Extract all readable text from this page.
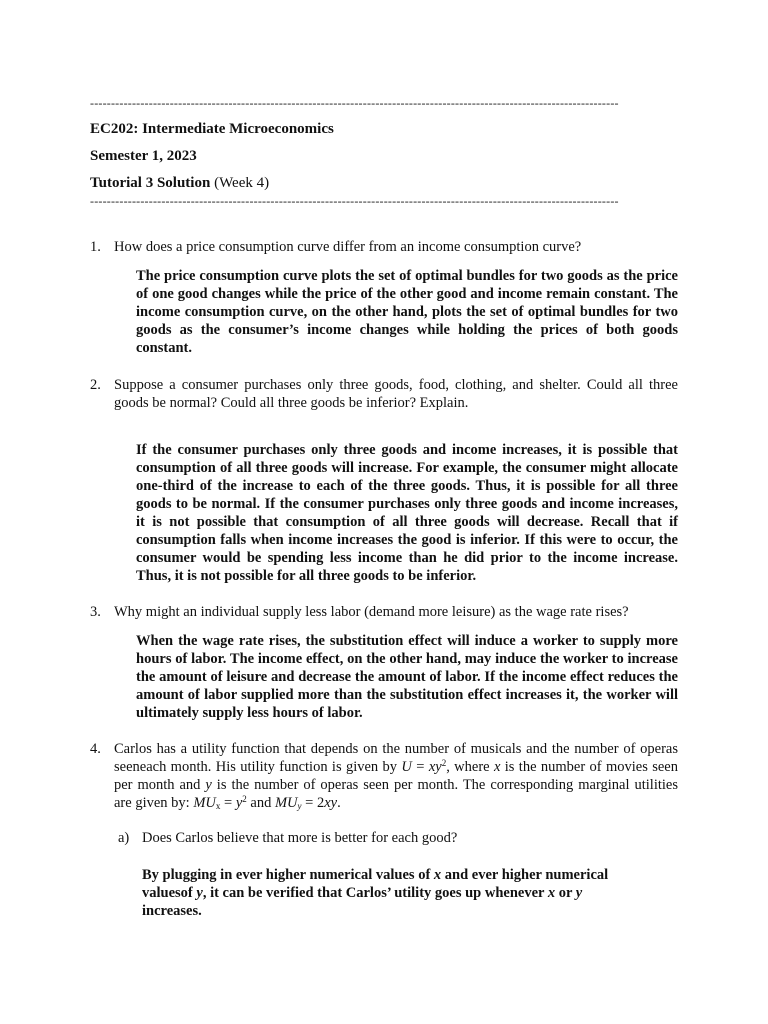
------------------------------------------------------------------------------------------------------------------------------
EC202: Intermediate Microeconomics
Semester 1, 2023
Tutorial 3 Solution (Week 4)
------------------------------------------------------------------------------------------------------------------------------
1. How does a price consumption curve differ from an income consumption curve?
The price consumption curve plots the set of optimal bundles for two goods as the price of one good changes while the price of the other good and income remain constant. The income consumption curve, on the other hand, plots the set of optimal bundles for two goods as the consumer’s income changes while holding the prices of both goods constant.
2. Suppose a consumer purchases only three goods, food, clothing, and shelter. Could all three goods be normal? Could all three goods be inferior? Explain.
If the consumer purchases only three goods and income increases, it is possible that consumption of all three goods will increase. For example, the consumer might allocate one-third of the increase to each of the three goods. Thus, it is possible for all three goods to be normal. If the consumer purchases only three goods and income increases, it is not possible that consumption of all three goods will decrease. Recall that if consumption falls when income increases the good is inferior. If this were to occur, the consumer would be spending less income than he did prior to the income increase. Thus, it is not possible for all three goods to be inferior.
3. Why might an individual supply less labor (demand more leisure) as the wage rate rises?
When the wage rate rises, the substitution effect will induce a worker to supply more hours of labor. The income effect, on the other hand, may induce the worker to increase the amount of leisure and decrease the amount of labor. If the income effect reduces the amount of labor supplied more than the substitution effect increases it, the worker will ultimately supply less hours of labor.
4. Carlos has a utility function that depends on the number of musicals and the number of operas seeneach month. His utility function is given by $U = xy^2$, where x is the number of movies seen per month and y is the number of operas seen per month. The corresponding marginal utilities are given by: $MU_x = y^2$ and $MU_y = 2xy$.
a) Does Carlos believe that more is better for each good?
By plugging in ever higher numerical values of x and ever higher numerical valuesof y, it can be verified that Carlos’ utility goes up whenever x or y increases.
